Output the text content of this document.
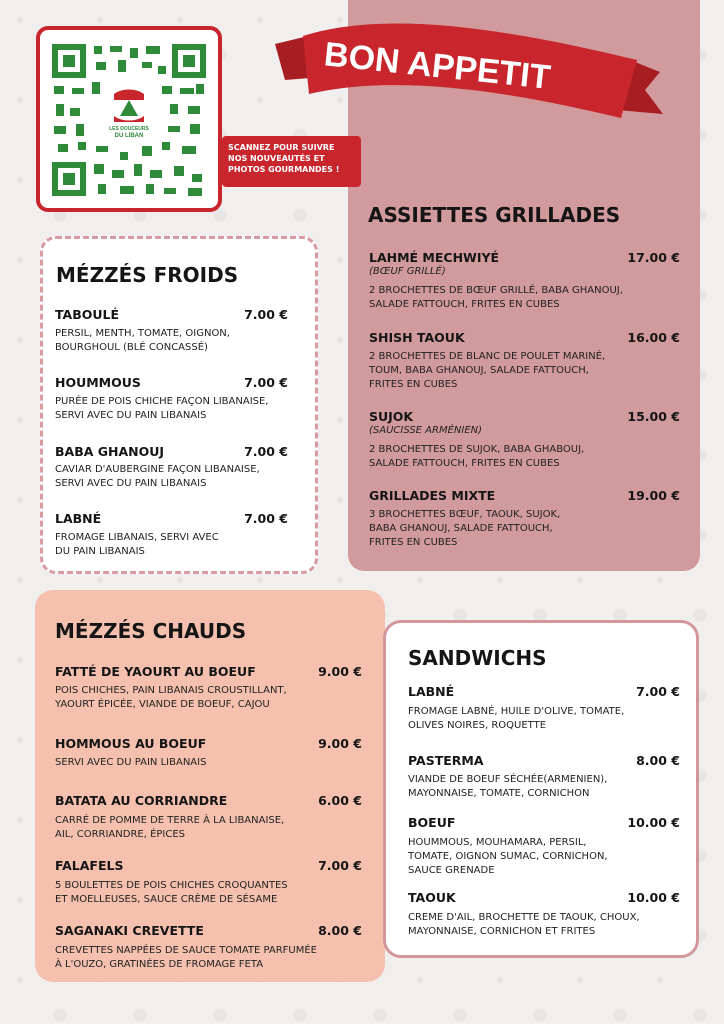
BON APPETIT
LES DOUCEURS
DU LIBAN
SCANNEZ POUR SUIVRE
NOS NOUVEAUTÉS ET
PHOTOS GOURMANDES !
ASSIETTES GRILLADES
LAHMÉ MECHWIYÉ	17.00 €
(BŒUF GRILLÉ)
2 BROCHETTES DE BŒUF GRILLÉ, BABA GHANOUJ,
SALADE FATTOUCH, FRITES EN CUBES
SHISH TAOUK	16.00 €
2 BROCHETTES DE BLANC DE POULET MARINÉ,
TOUM, BABA GHANOUJ, SALADE FATTOUCH,
FRITES EN CUBES
SUJOK	15.00 €
(SAUCISSE ARMÉNIEN)
2 BROCHETTES DE SUJOK, BABA GHABOUJ,
SALADE FATTOUCH, FRITES EN CUBES
GRILLADES MIXTE	19.00 €
3 BROCHETTES BŒUF, TAOUK, SUJOK,
BABA GHANOUJ, SALADE FATTOUCH,
FRITES EN CUBES
MÉZZÉS FROIDS
TABOULÉ	7.00 €
PERSIL, MENTH, TOMATE, OIGNON,
BOURGHOUL (BLÉ CONCASSÉ)
HOUMMOUS	7.00 €
PURÉE DE POIS CHICHE FAÇON LIBANAISE,
SERVI AVEC DU PAIN LIBANAIS
BABA GHANOUJ	7.00 €
CAVIAR D'AUBERGINE FAÇON LIBANAISE,
SERVI AVEC DU PAIN LIBANAIS
LABNÉ	7.00 €
FROMAGE LIBANAIS, SERVI AVEC
DU PAIN LIBANAIS
MÉZZÉS CHAUDS
FATTÉ DE YAOURT AU BOEUF	9.00 €
POIS CHICHES, PAIN LIBANAIS CROUSTILLANT,
YAOURT ÉPICÉE, VIANDE DE BOEUF, CAJOU
HOMMOUS AU BOEUF	9.00 €
SERVI AVEC DU PAIN LIBANAIS
BATATA AU CORRIANDRE	6.00 €
CARRÉ DE POMME DE TERRE À LA LIBANAISE,
AIL, CORRIANDRE, ÉPICES
FALAFELS	7.00 €
5 BOULETTES DE POIS CHICHES CROQUANTES
ET MOELLEUSES, SAUCE CRÈME DE SÉSAME
SAGANAKI CREVETTE	8.00 €
CREVETTES NAPPÉES DE SAUCE TOMATE PARFUMÉE
À L'OUZO, GRATINÉES DE FROMAGE FETA
SANDWICHS
LABNÉ	7.00 €
FROMAGE LABNÉ, HUILE D'OLIVE, TOMATE,
OLIVES NOIRES, ROQUETTE
PASTERMA	8.00 €
VIANDE DE BOEUF SÉCHÉE(ARMENIEN),
MAYONNAISE, TOMATE, CORNICHON
BOEUF	10.00 €
HOUMMOUS, MOUHAMARA, PERSIL,
TOMATE, OIGNON SUMAC, CORNICHON,
SAUCE GRENADE
TAOUK	10.00 €
CREME D'AIL, BROCHETTE DE TAOUK, CHOUX,
MAYONNAISE, CORNICHON ET FRITES
